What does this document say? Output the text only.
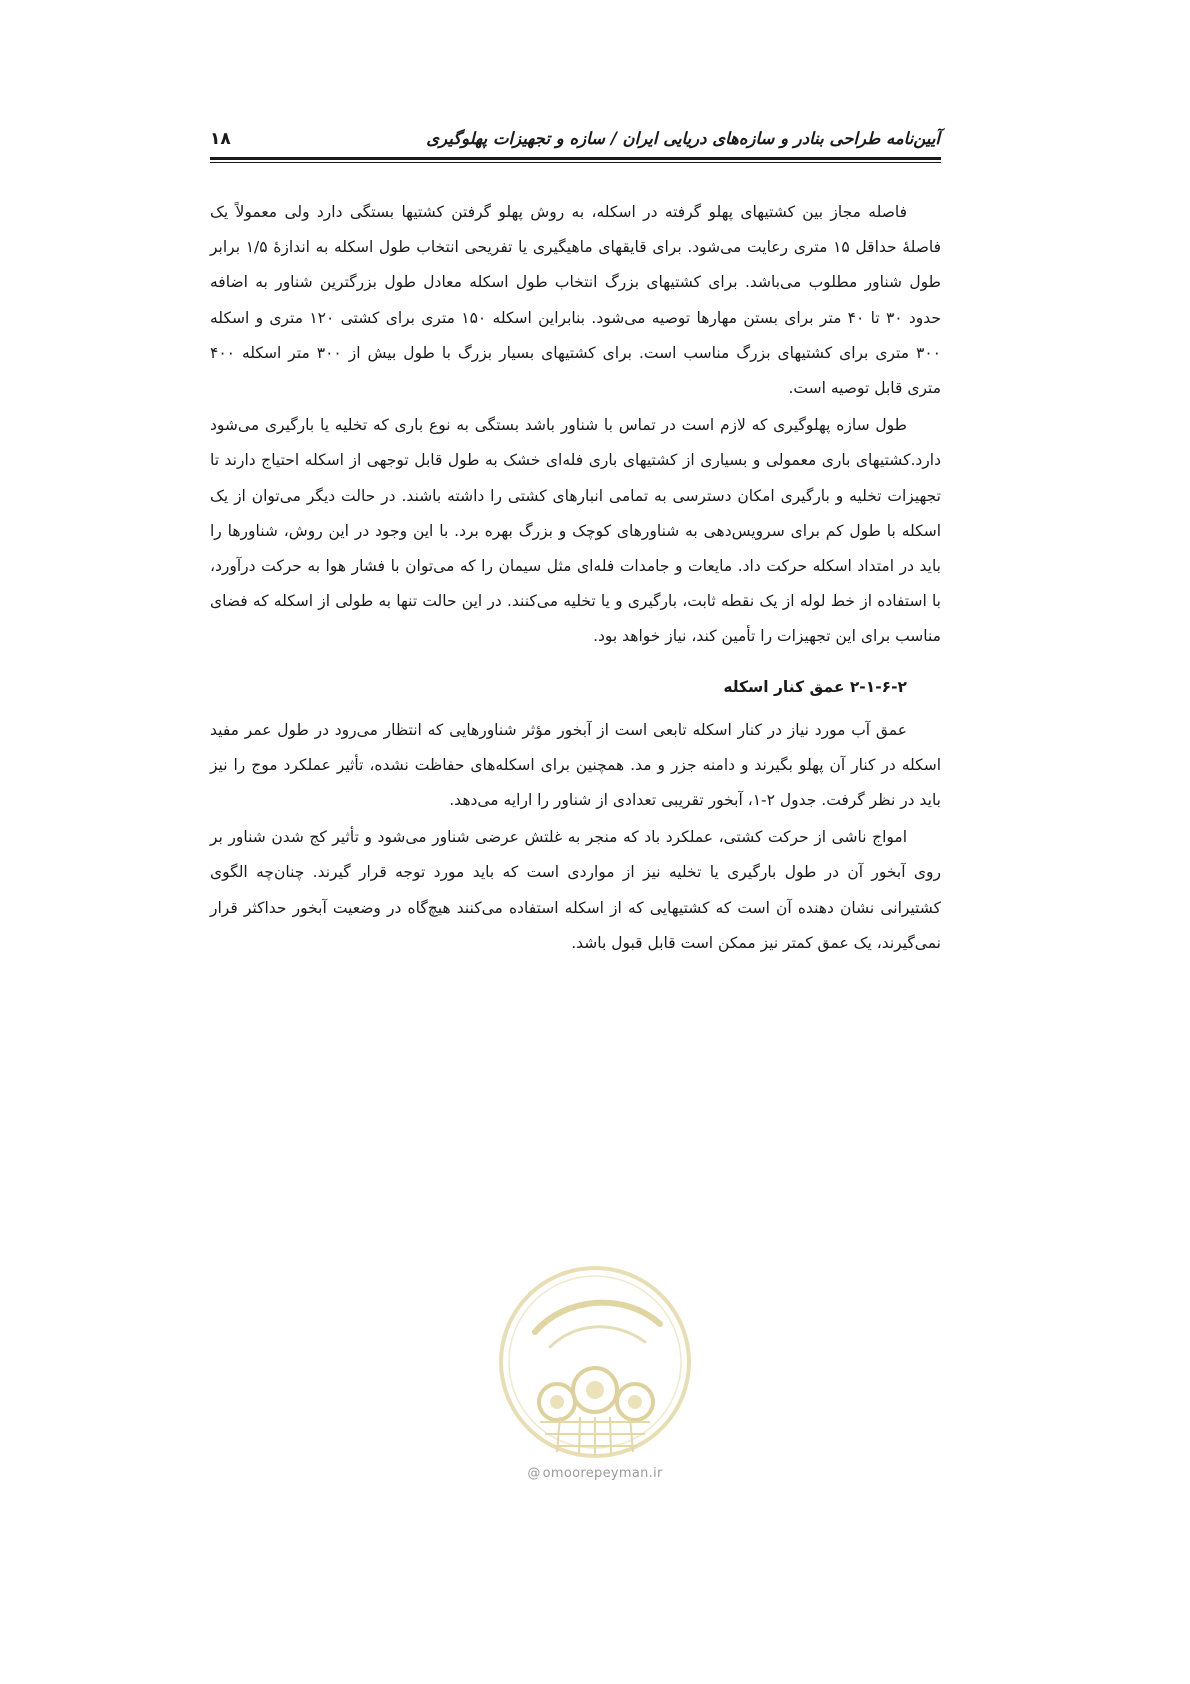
آیین‌نامه طراحی بنادر و سازه‌های دریایی ایران / سازه و تجهیزات پهلوگیری
۱۸

فاصله مجاز بین کشتیهای پهلو گرفته در اسکله، به روش پهلو گرفتن کشتیها بستگی دارد ولی معمولاً یک فاصلهٔ حداقل ۱۵ متری رعایت می‌شود. برای قایقهای ماهیگیری یا تفریحی انتخاب طول اسکله به اندازهٔ ۱/۵ برابر طول شناور مطلوب می‌باشد. برای کشتیهای بزرگ انتخاب طول اسکله معادل طول بزرگترین شناور به اضافه حدود ۳۰ تا ۴۰ متر برای بستن مهارها توصیه می‌شود. بنابراین اسکله ۱۵۰ متری برای کشتی ۱۲۰ متری و اسکله ۳۰۰ متری برای کشتیهای بزرگ مناسب است. برای کشتیهای بسیار بزرگ با طول بیش از ۳۰۰ متر اسکله ۴۰۰ متری قابل توصیه است.

طول سازه پهلوگیری که لازم است در تماس با شناور باشد بستگی به نوع باری که تخلیه یا بارگیری می‌شود دارد.کشتیهای باری معمولی و بسیاری از کشتیهای باری فله‌ای خشک به طول قابل توجهی از اسکله احتیاج دارند تا تجهیزات تخلیه و بارگیری امکان دسترسی به تمامی انبارهای کشتی را داشته باشند. در حالت دیگر می‌توان از یک اسکله با طول کم برای سرویس‌دهی به شناورهای کوچک و بزرگ بهره برد. با این وجود در این روش، شناورها را باید در امتداد اسکله حرکت داد. مایعات و جامدات فله‌ای مثل سیمان را که می‌توان با فشار هوا به حرکت درآورد، با استفاده از خط لوله از یک نقطه ثابت، بارگیری و یا تخلیه می‌کنند. در این حالت تنها به طولی از اسکله که فضای مناسب برای این تجهیزات را تأمین کند، نیاز خواهد بود.

۲-۱-۶-۲ عمق کنار اسکله

عمق آب مورد نیاز در کنار اسکله تابعی است از آبخور مؤثر شناورهایی که انتظار می‌رود در طول عمر مفید اسکله در کنار آن پهلو بگیرند و دامنه جزر و مد. همچنین برای اسکله‌های حفاظت نشده، تأثیر عملکرد موج را نیز باید در نظر گرفت. جدول ۲-۱، آبخور تقریبی تعدادی از شناور را ارایه می‌دهد.

امواج ناشی از حرکت کشتی، عملکرد باد که منجر به غلتش عرضی شناور می‌شود و تأثیر کج شدن شناور بر روی آبخور آن در طول بارگیری یا تخلیه نیز از مواردی است که باید مورد توجه قرار گیرند. چنان‌چه الگوی کشتیرانی نشان دهنده آن است که کشتیهایی که از اسکله استفاده می‌کنند هیچ‌گاه در وضعیت آبخور حداکثر قرار نمی‌گیرند، یک عمق کمتر نیز ممکن است قابل قبول باشد.

@ omoorepeyman.ir
